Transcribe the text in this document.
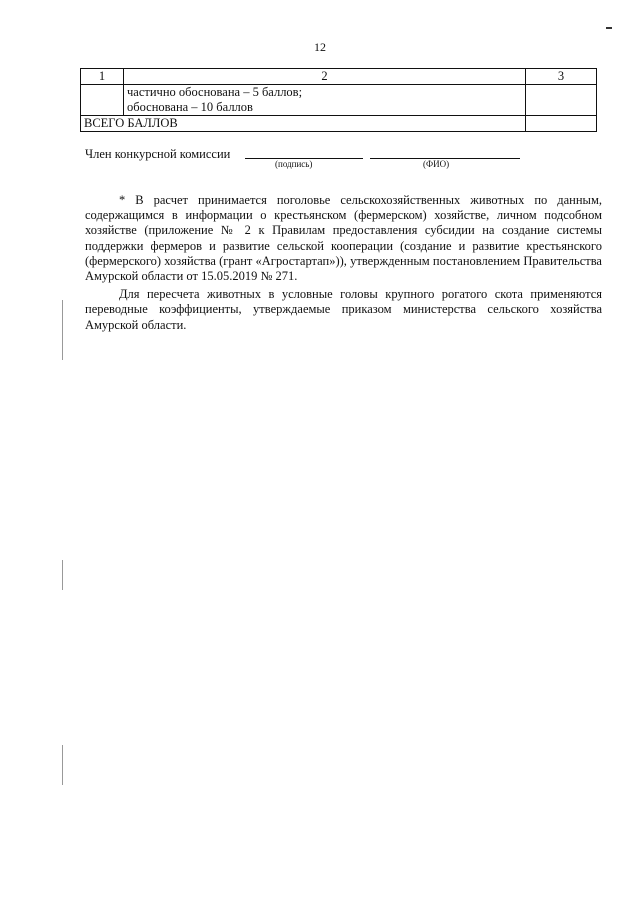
12
1	2	3

	частично обоснована – 5 баллов;
обоснована – 10 баллов	

ВСЕГО БАЛЛОВ		
Член конкурсной комиссии
(подпись)	(ФИО)

* В расчет принимается поголовье сельскохозяйственных животных по данным, содержащимся в информации о крестьянском (фермерском) хозяйстве, личном подсобном хозяйстве (приложение № 2 к Правилам предоставления субсидии на создание системы поддержки фермеров и развитие сельской кооперации (создание и развитие крестьянского (фермерского) хозяйства (грант «Агростартап»)), утвержденным постановлением Правительства Амурской области от 15.05.2019 № 271.

Для пересчета животных в условные головы крупного рогатого скота применяются переводные коэффициенты, утверждаемые приказом министерства сельского хозяйства Амурской области.
